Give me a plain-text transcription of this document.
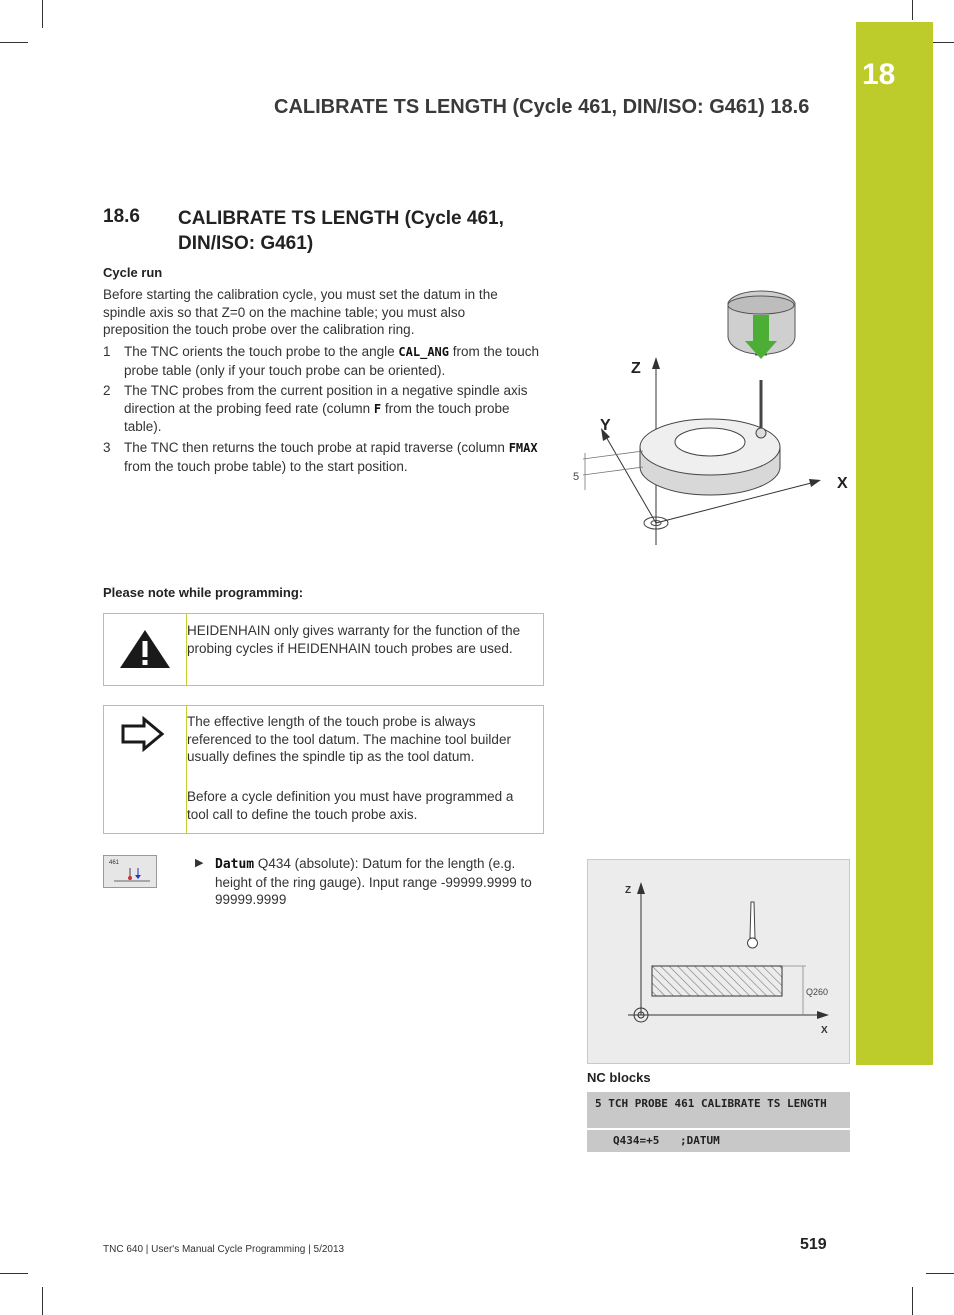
18
CALIBRATE TS LENGTH (Cycle 461, DIN/ISO: G461) 18.6
18.6 CALIBRATE TS LENGTH (Cycle 461, DIN/ISO: G461)
Cycle run
Before starting the calibration cycle, you must set the datum in the spindle axis so that Z=0 on the machine table; you must also preposition the touch probe over the calibration ring.
1 The TNC orients the touch probe to the angle CAL_ANG from the touch probe table (only if your touch probe can be oriented).
2 The TNC probes from the current position in a negative spindle axis direction at the probing feed rate (column F from the touch probe table).
3 The TNC then returns the touch probe at rapid traverse (column FMAX from the touch probe table) to the start position.
Z
Y
X
5
Please note while programming:
HEIDENHAIN only gives warranty for the function of the probing cycles if HEIDENHAIN touch probes are used.
The effective length of the touch probe is always referenced to the tool datum. The machine tool builder usually defines the spindle tip as the tool datum.
Before a cycle definition you must have programmed a tool call to define the touch probe axis.
461	▶ Datum Q434 (absolute): Datum for the length (e.g. height of the ring gauge). Input range -99999.9999 to 99999.9999
Z
X
Q260
NC blocks
5 TCH PROBE 461 CALIBRATE TS LENGTH
Q434=+5 ;DATUM
TNC 640 | User's Manual Cycle Programming | 5/2013	519
